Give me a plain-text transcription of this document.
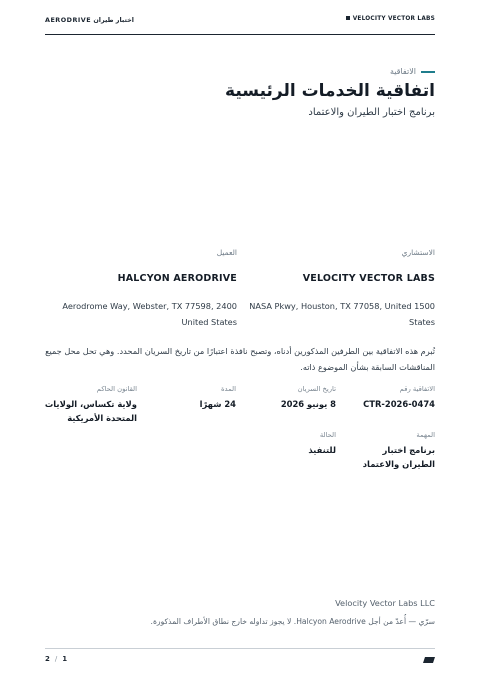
VELOCITY VECTOR LABS
AERODRIVE اختبار طيران
الاتفاقية
اتفاقية الخدمات الرئيسية
برنامج اختبار الطيران والاعتماد
الاستشاري
VELOCITY VECTOR LABS
NASA Pkwy, Houston, TX 77058, United 1500 States
العميل
HALCYON AERODRIVE
Aerodrome Way, Webster, TX 77598, 2400 United States
تُبرم هذه الاتفاقية بين الطرفين المذكورين أدناه، وتصبح نافذة اعتبارًا من تاريخ السريان المحدد. وهي تحل محل جميع المناقشات السابقة بشأن الموضوع ذاته.
الاتفاقية رقم
CTR-2026-0474
تاريخ السريان
8 يونيو 2026
المدة
24 شهرًا
القانون الحاكم
ولاية تكساس، الولايات المتحدة الأمريكية
المهمة
برنامج اختبار الطيران والاعتماد
الحالة
للتنفيذ
Velocity Vector Labs LLC
سرّي — أُعدّ من أجل Halcyon Aerodrive. لا يجوز تداوله خارج نطاق الأطراف المذكورة.
2 / 1
